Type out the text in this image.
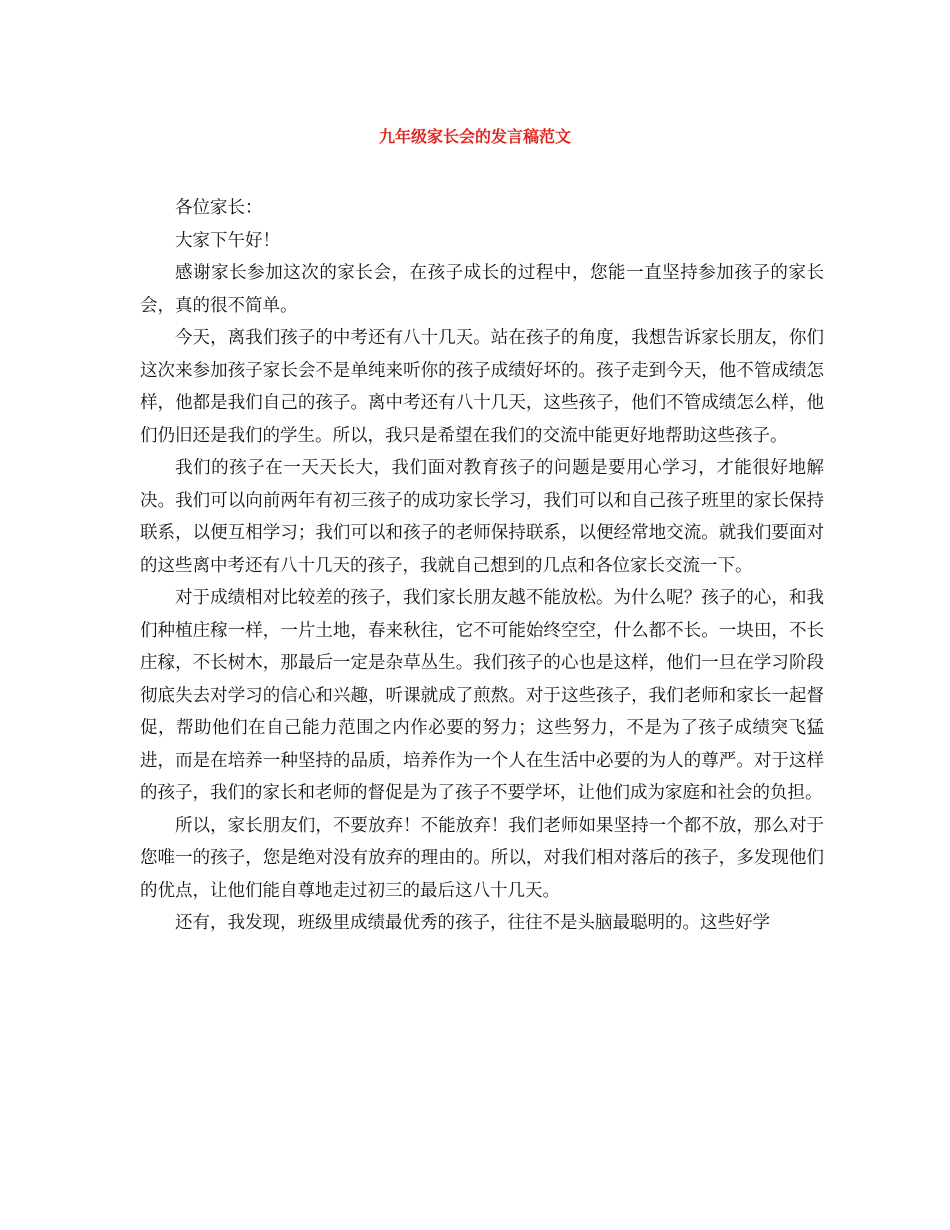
九年级家长会的发言稿范文

各位家长：

大家下午好！

感谢家长参加这次的家长会，在孩子成长的过程中，您能一直坚持参加孩子的家长会，真的很不简单。

今天，离我们孩子的中考还有八十几天。站在孩子的角度，我想告诉家长朋友，你们这次来参加孩子家长会不是单纯来听你的孩子成绩好坏的。孩子走到今天，他不管成绩怎样，他都是我们自己的孩子。离中考还有八十几天，这些孩子，他们不管成绩怎么样，他们仍旧还是我们的学生。所以，我只是希望在我们的交流中能更好地帮助这些孩子。

我们的孩子在一天天长大，我们面对教育孩子的问题是要用心学习，才能很好地解决。我们可以向前两年有初三孩子的成功家长学习，我们可以和自己孩子班里的家长保持联系，以便互相学习；我们可以和孩子的老师保持联系，以便经常地交流。就我们要面对的这些离中考还有八十几天的孩子，我就自己想到的几点和各位家长交流一下。

对于成绩相对比较差的孩子，我们家长朋友越不能放松。为什么呢？孩子的心，和我们种植庄稼一样，一片土地，春来秋往，它不可能始终空空，什么都不长。一块田，不长庄稼，不长树木，那最后一定是杂草丛生。我们孩子的心也是这样，他们一旦在学习阶段彻底失去对学习的信心和兴趣，听课就成了煎熬。对于这些孩子，我们老师和家长一起督促，帮助他们在自己能力范围之内作必要的努力；这些努力，不是为了孩子成绩突飞猛进，而是在培养一种坚持的品质，培养作为一个人在生活中必要的为人的尊严。对于这样的孩子，我们的家长和老师的督促是为了孩子不要学坏，让他们成为家庭和社会的负担。

所以，家长朋友们，不要放弃！不能放弃！我们老师如果坚持一个都不放，那么对于您唯一的孩子，您是绝对没有放弃的理由的。所以，对我们相对落后的孩子，多发现他们的优点，让他们能自尊地走过初三的最后这八十几天。

还有，我发现，班级里成绩最优秀的孩子，往往不是头脑最聪明的。这些好学
